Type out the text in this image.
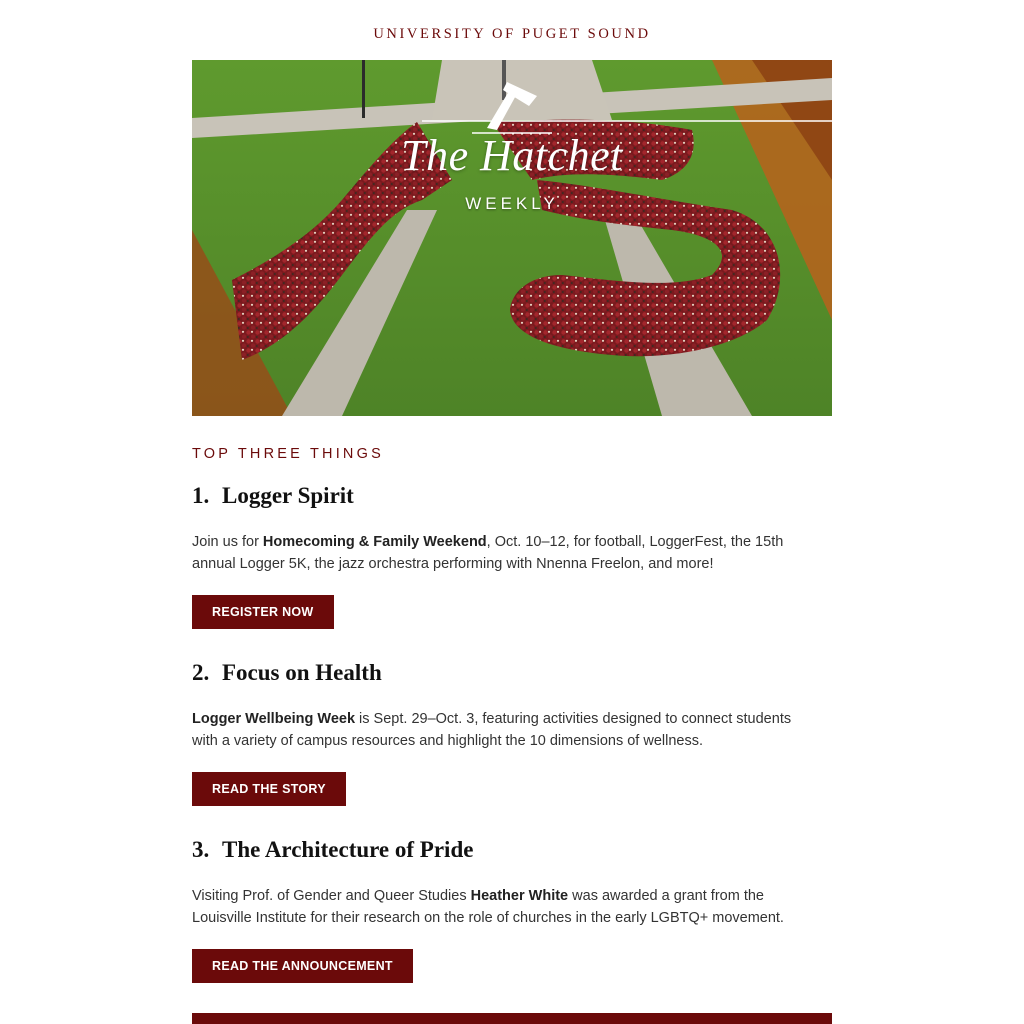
UNIVERSITY OF PUGET SOUND
The Hatchet
WEEKLY
TOP THREE THINGS
1. Logger Spirit
Join us for Homecoming & Family Weekend, Oct. 10–12, for football, LoggerFest, the 15th annual Logger 5K, the jazz orchestra performing with Nnenna Freelon, and more!
REGISTER NOW
2. Focus on Health
Logger Wellbeing Week is Sept. 29–Oct. 3, featuring activities designed to connect students with a variety of campus resources and highlight the 10 dimensions of wellness.
READ THE STORY
3. The Architecture of Pride
Visiting Prof. of Gender and Queer Studies Heather White was awarded a grant from the Louisville Institute for their research on the role of churches in the early LGBTQ+ movement.
READ THE ANNOUNCEMENT
